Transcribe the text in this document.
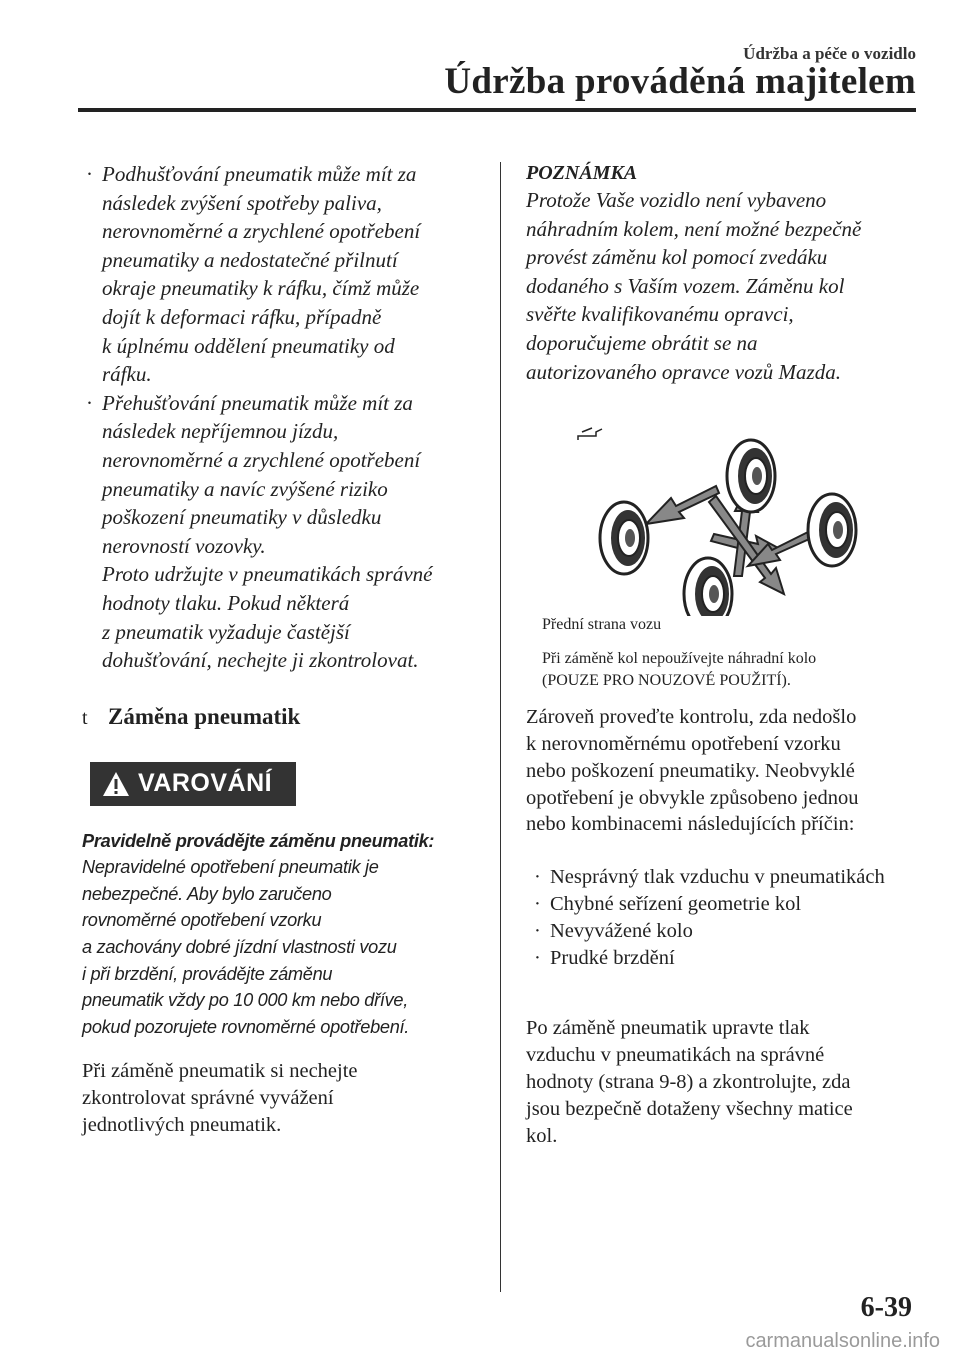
Údržba a péče o vozidlo
Údržba prováděná majitelem
· Podhušťování pneumatik může mít za
následek zvýšení spotřeby paliva,
nerovnoměrné a zrychlené opotřebení
pneumatiky a nedostatečné přilnutí
okraje pneumatiky k ráfku, čímž může
dojít k deformaci ráfku, případně
k úplnému oddělení pneumatiky od
ráfku.
· Přehušťování pneumatik může mít za
následek nepříjemnou jízdu,
nerovnoměrné a zrychlené opotřebení
pneumatiky a navíc zvýšené riziko
poškození pneumatiky v důsledku
nerovností vozovky.
Proto udržujte v pneumatikách správné
hodnoty tlaku. Pokud některá
z pneumatik vyžaduje častější
dohušťování, nechejte ji zkontrolovat.
t Záměna pneumatik
VAROVÁNÍ
Pravidelně provádějte záměnu pneumatik:
Nepravidelné opotřebení pneumatik je
nebezpečné. Aby bylo zaručeno
rovnoměrné opotřebení vzorku
a zachovány dobré jízdní vlastnosti vozu
i při brzdění, provádějte záměnu
pneumatik vždy po 10 000 km nebo dříve,
pokud pozorujete rovnoměrné opotřebení.
Při záměně pneumatik si nechejte
zkontrolovat správné vyvážení
jednotlivých pneumatik.
POZNÁMKA
Protože Vaše vozidlo není vybaveno
náhradním kolem, není možné bezpečně
provést záměnu kol pomocí zvedáku
dodaného s Vaším vozem. Záměnu kol
svěřte kvalifikovanému opravci,
doporučujeme obrátit se na
autorizovaného opravce vozů Mazda.
Přední strana vozu
Při záměně kol nepoužívejte náhradní kolo
(POUZE PRO NOUZOVÉ POUŽITÍ).
Zároveň proveďte kontrolu, zda nedošlo
k nerovnoměrnému opotřebení vzorku
nebo poškození pneumatiky. Neobvyklé
opotřebení je obvykle způsobeno jednou
nebo kombinacemi následujících příčin:
· Nesprávný tlak vzduchu v pneumatikách
· Chybné seřízení geometrie kol
· Nevyvážené kolo
· Prudké brzdění
Po záměně pneumatik upravte tlak
vzduchu v pneumatikách na správné
hodnoty (strana 9-8) a zkontrolujte, zda
jsou bezpečně dotaženy všechny matice
kol.
6-39
carmanualsonline.info
